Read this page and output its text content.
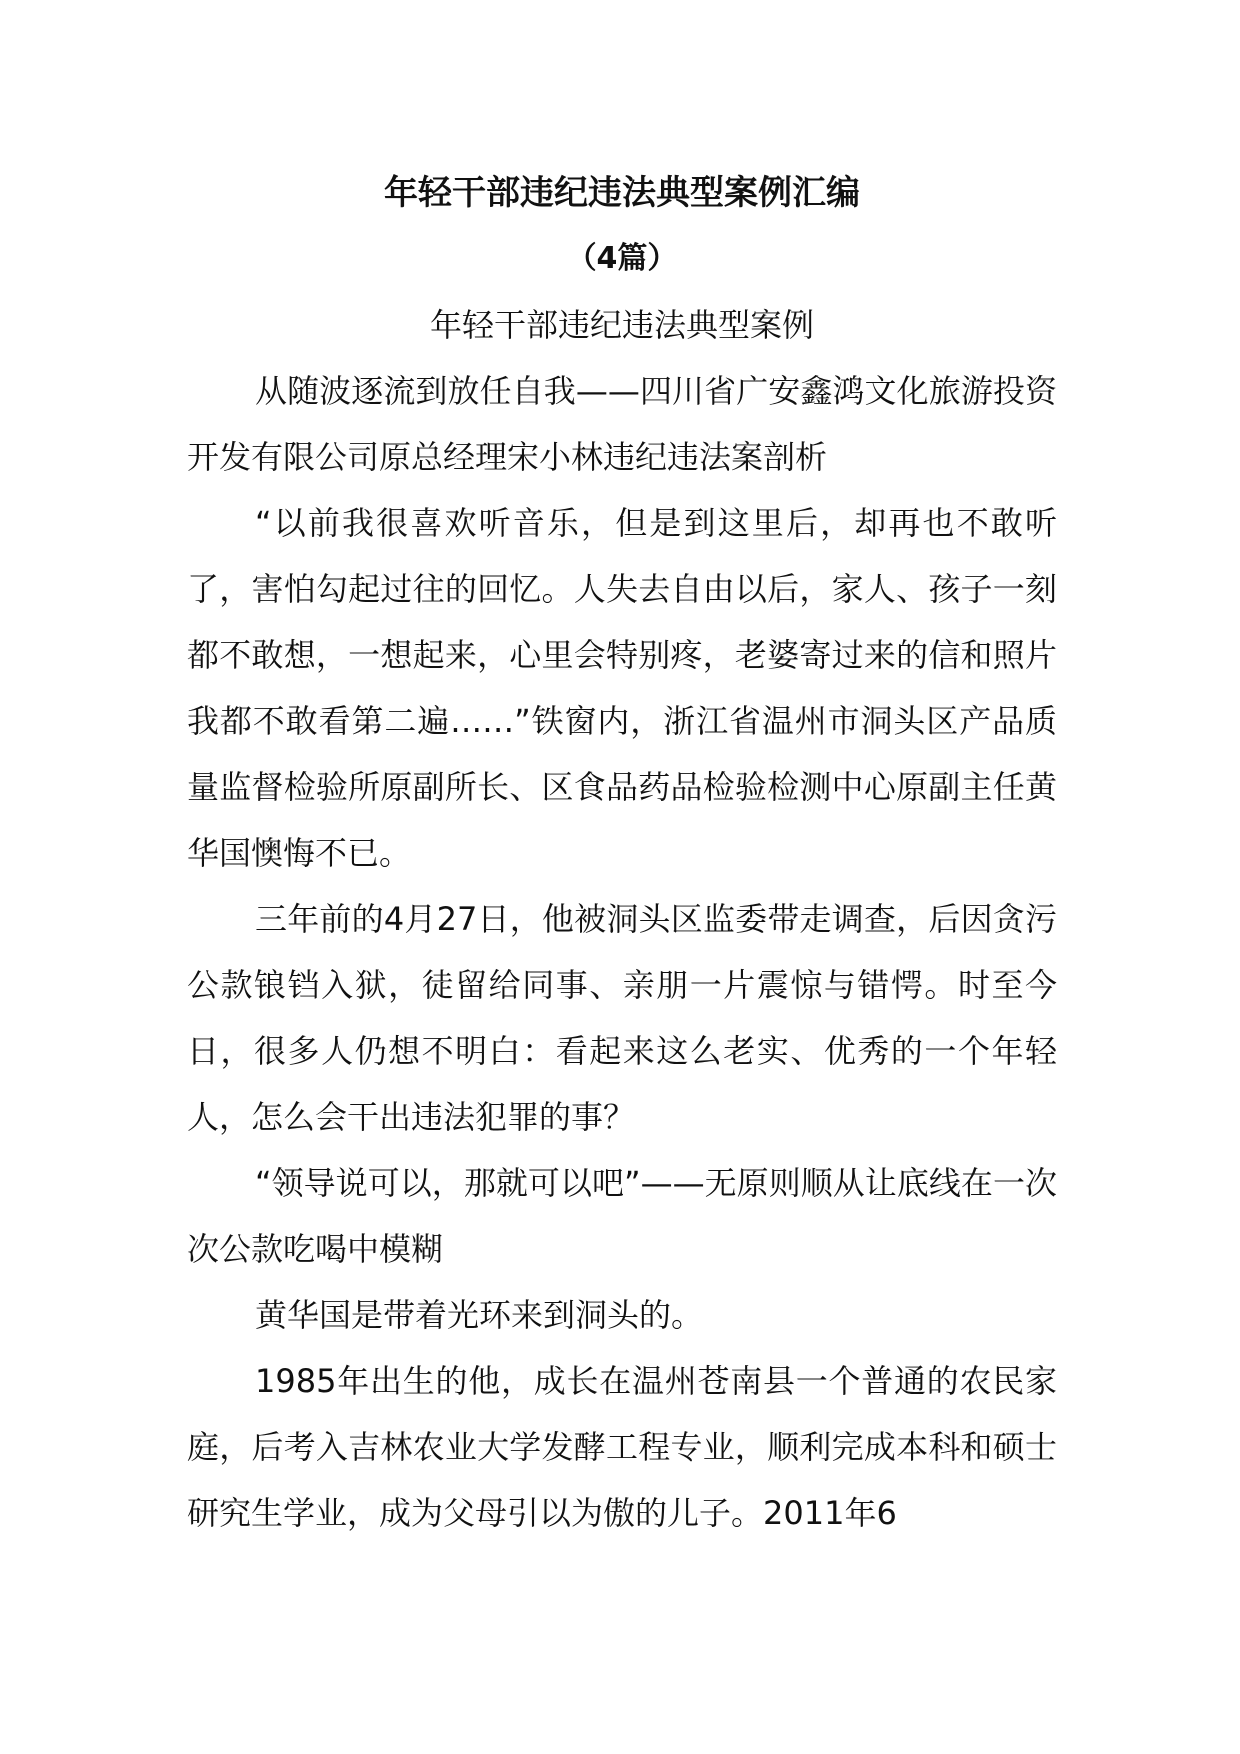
年轻干部违纪违法典型案例汇编
（4篇）
年轻干部违纪违法典型案例

从随波逐流到放任自我——四川省广安鑫鸿文化旅游投资开发有限公司原总经理宋小林违纪违法案剖析

“以前我很喜欢听音乐，但是到这里后，却再也不敢听了，害怕勾起过往的回忆。人失去自由以后，家人、孩子一刻都不敢想，一想起来，心里会特别疼，老婆寄过来的信和照片我都不敢看第二遍……”铁窗内，浙江省温州市洞头区产品质量监督检验所原副所长、区食品药品检验检测中心原副主任黄华国懊悔不已。

三年前的4月27日，他被洞头区监委带走调查，后因贪污公款锒铛入狱，徒留给同事、亲朋一片震惊与错愕。时至今日，很多人仍想不明白：看起来这么老实、优秀的一个年轻人，怎么会干出违法犯罪的事？

“领导说可以，那就可以吧”——无原则顺从让底线在一次次公款吃喝中模糊

黄华国是带着光环来到洞头的。

1985年出生的他，成长在温州苍南县一个普通的农民家庭，后考入吉林农业大学发酵工程专业，顺利完成本科和硕士研究生学业，成为父母引以为傲的儿子。2011年6
